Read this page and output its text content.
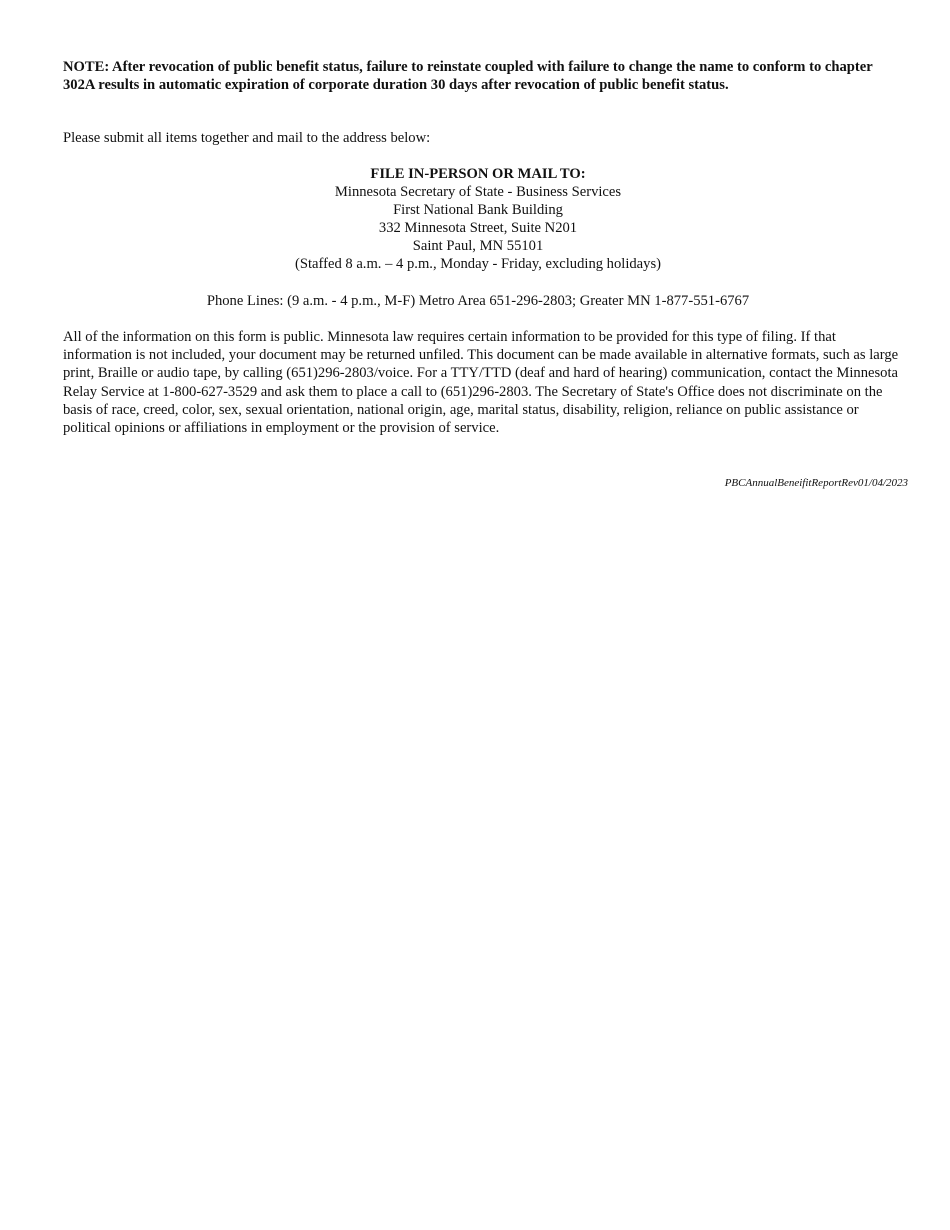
NOTE: After revocation of public benefit status, failure to reinstate coupled with failure to change the name to conform to chapter 302A results in automatic expiration of corporate duration 30 days after revocation of public benefit status.

Please submit all items together and mail to the address below:

FILE IN-PERSON OR MAIL TO:
Minnesota Secretary of State - Business Services
First National Bank Building
332 Minnesota Street, Suite N201
Saint Paul, MN 55101
(Staffed 8 a.m. – 4 p.m., Monday - Friday, excluding holidays)

Phone Lines: (9 a.m. - 4 p.m., M-F) Metro Area 651-296-2803; Greater MN 1-877-551-6767

All of the information on this form is public. Minnesota law requires certain information to be provided for this type of filing. If that information is not included, your document may be returned unfiled. This document can be made available in alternative formats, such as large print, Braille or audio tape, by calling (651)296-2803/voice. For a TTY/TTD (deaf and hard of hearing) communication, contact the Minnesota Relay Service at 1-800-627-3529 and ask them to place a call to (651)296-2803. The Secretary of State's Office does not discriminate on the basis of race, creed, color, sex, sexual orientation, national origin, age, marital status, disability, religion, reliance on public assistance or political opinions or affiliations in employment or the provision of service.

PBCAnnualBeneifitReportRev01/04/2023
